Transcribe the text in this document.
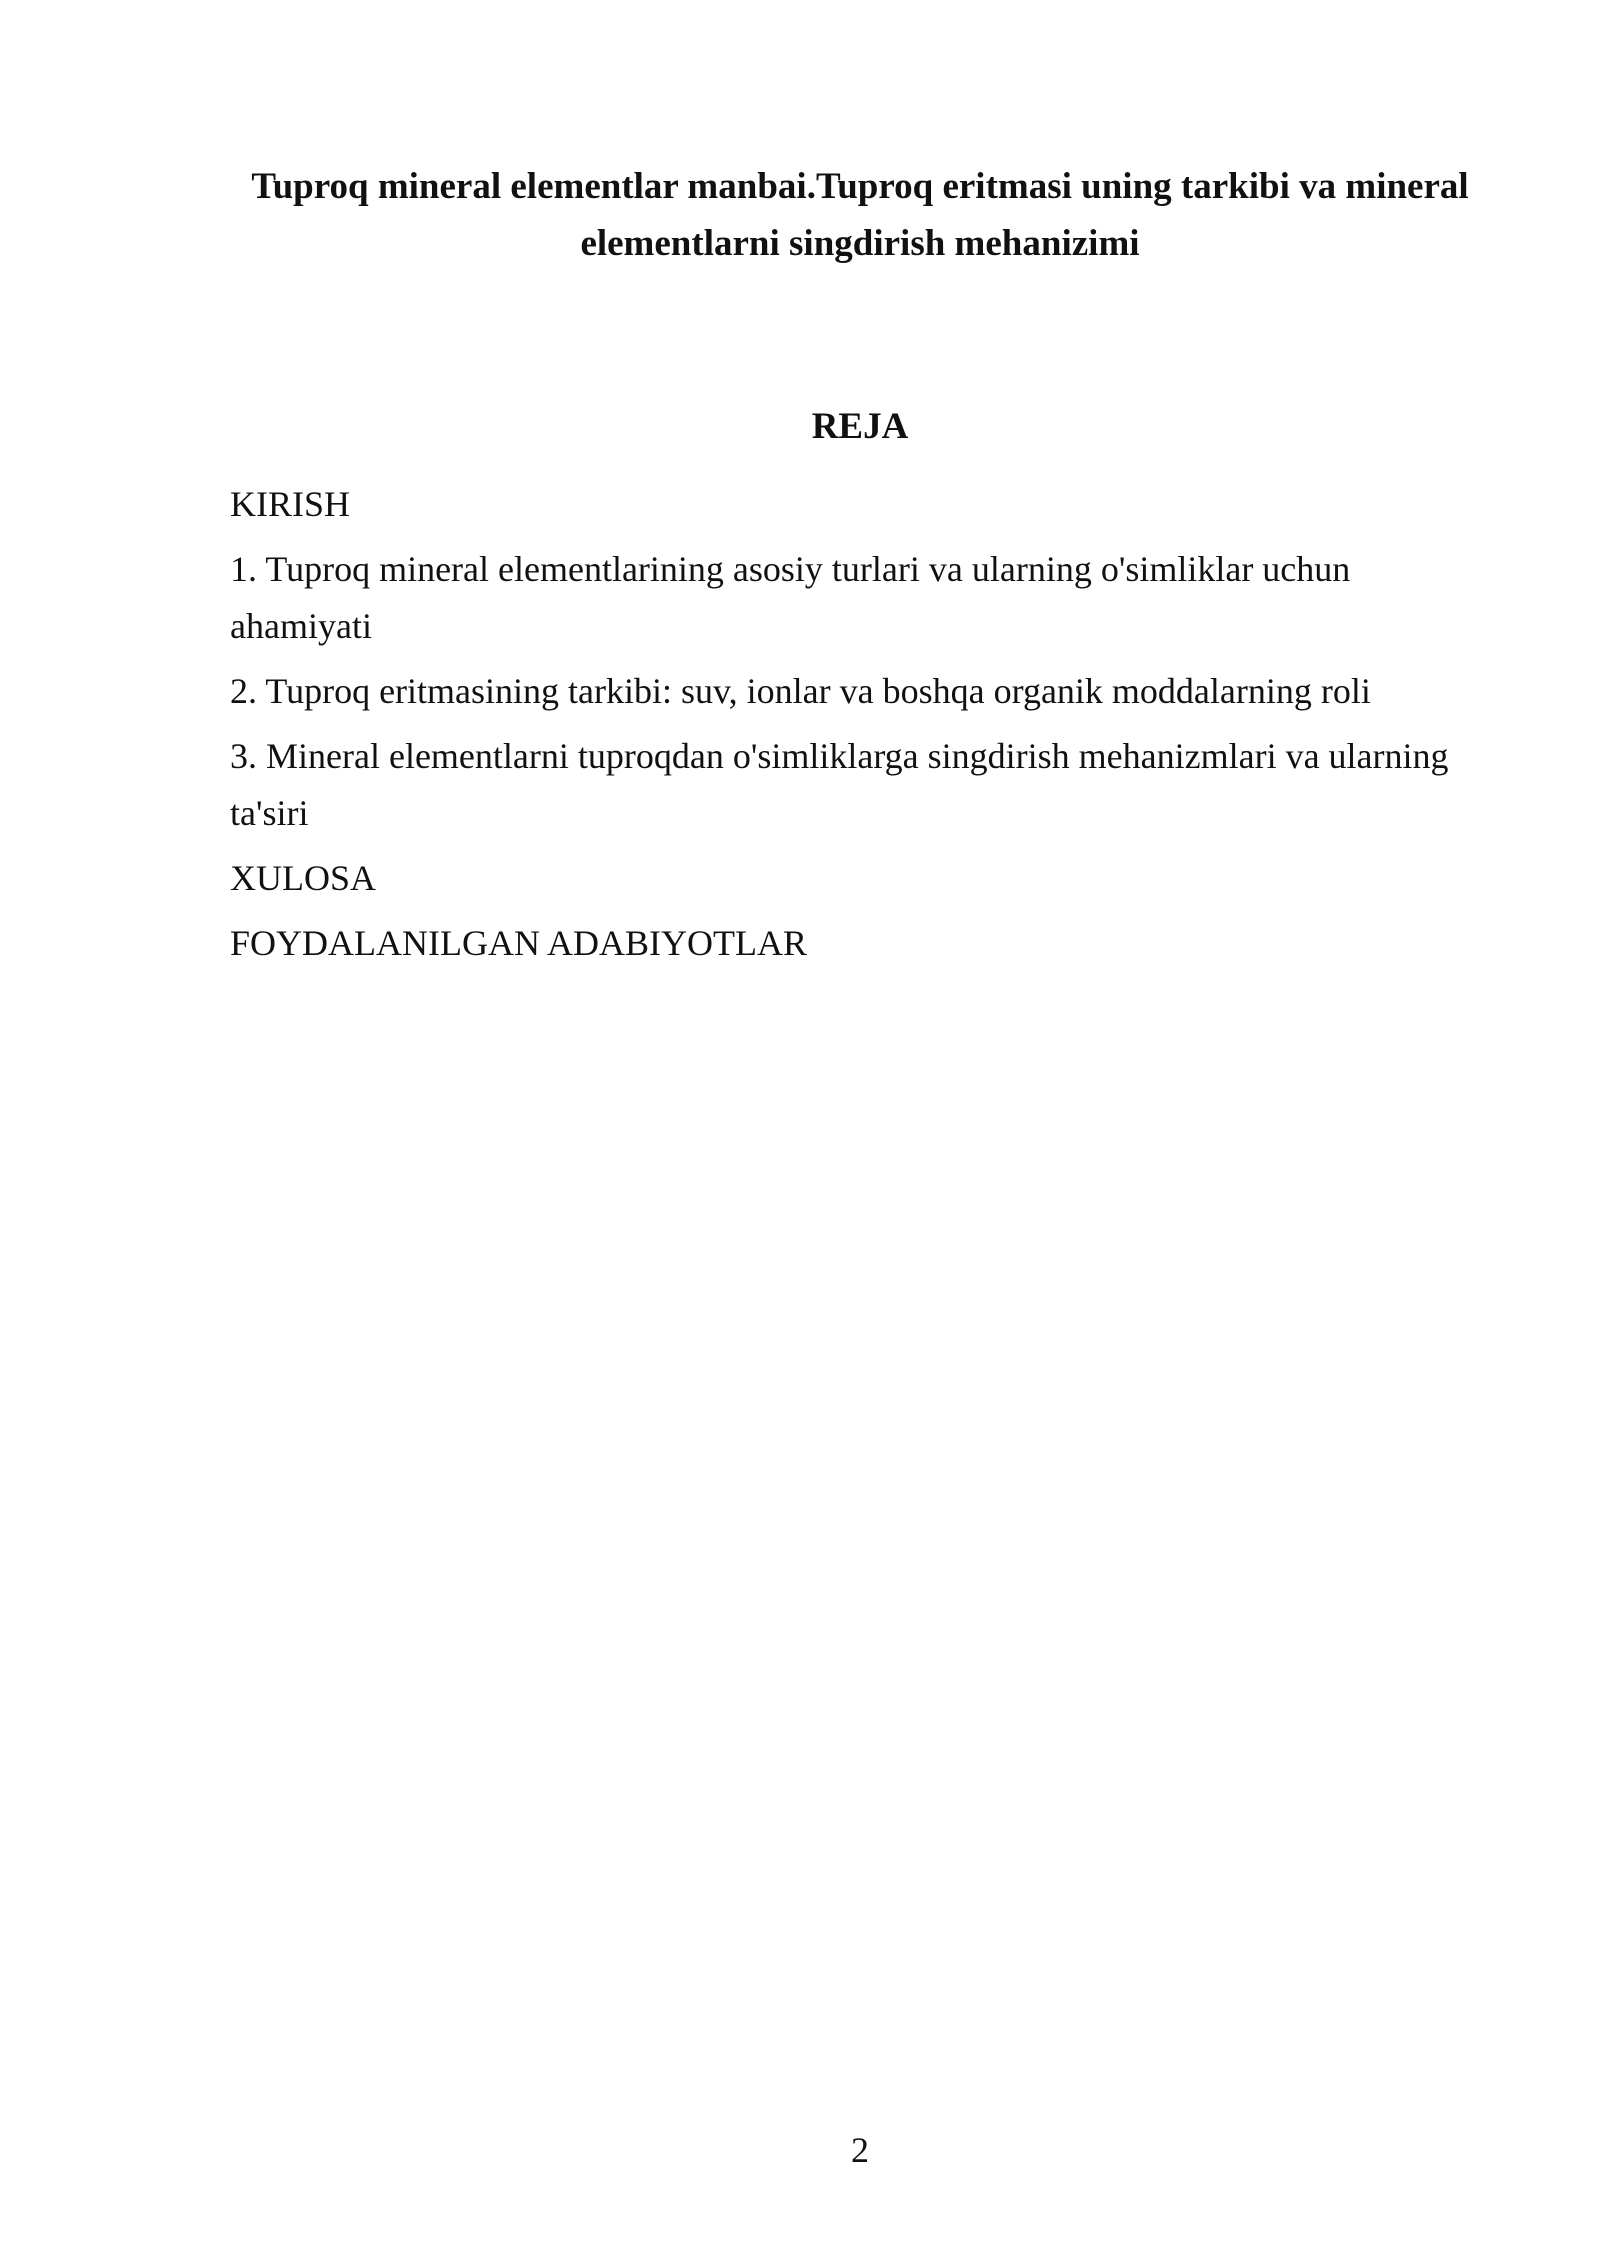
Tuproq mineral elementlar manbai.Tuproq eritmasi uning tarkibi va mineral
elementlarni singdirish mehanizimi
REJA
KIRISH
1. Tuproq mineral elementlarining asosiy turlari va ularning o'simliklar uchun ahamiyati
2. Tuproq eritmasining tarkibi: suv, ionlar va boshqa organik moddalarning roli
3. Mineral elementlarni tuproqdan o'simliklarga singdirish mehanizmlari va ularning ta'siri
XULOSA
FOYDALANILGAN ADABIYOTLAR
2
